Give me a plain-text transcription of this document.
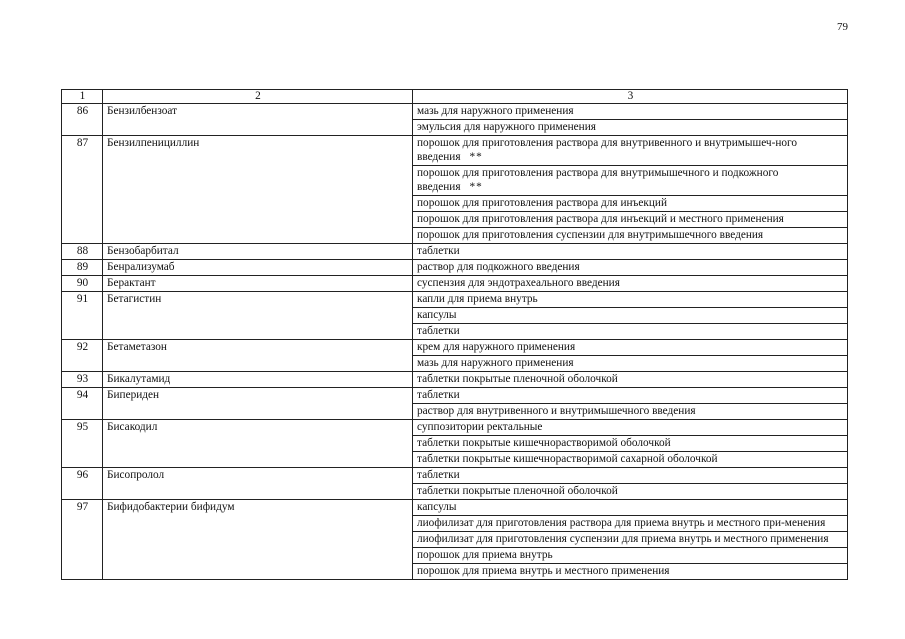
79
1	2	3
86	Бензилбензоат	мазь для наружного применения
		эмульсия для наружного применения
87	Бензилпенициллин	порошок для приготовления раствора для внутривенного и внутримышеч-ного введения **
		порошок для приготовления раствора для внутримышечного и подкожного введения **
		порошок для приготовления раствора для инъекций
		порошок для приготовления раствора для инъекций и местного применения
		порошок для приготовления суспензии для внутримышечного введения
88	Бензобарбитал	таблетки
89	Бенрализумаб	раствор для подкожного введения
90	Берактант	суспензия для эндотрахеального введения
91	Бетагистин	капли для приема внутрь
		капсулы
		таблетки
92	Бетаметазон	крем для наружного применения
		мазь для наружного применения
93	Бикалутамид	таблетки покрытые пленочной оболочкой
94	Бипериден	таблетки
		раствор для внутривенного и внутримышечного введения
95	Бисакодил	суппозитории ректальные
		таблетки покрытые кишечнорастворимой оболочкой
		таблетки покрытые кишечнорастворимой сахарной оболочкой
96	Бисопролол	таблетки
		таблетки покрытые пленочной оболочкой
97	Бифидобактерии бифидум	капсулы
		лиофилизат для приготовления раствора для приема внутрь и местного при-менения
		лиофилизат для приготовления суспензии для приема внутрь и местного применения
		порошок для приема внутрь
		порошок для приема внутрь и местного применения
